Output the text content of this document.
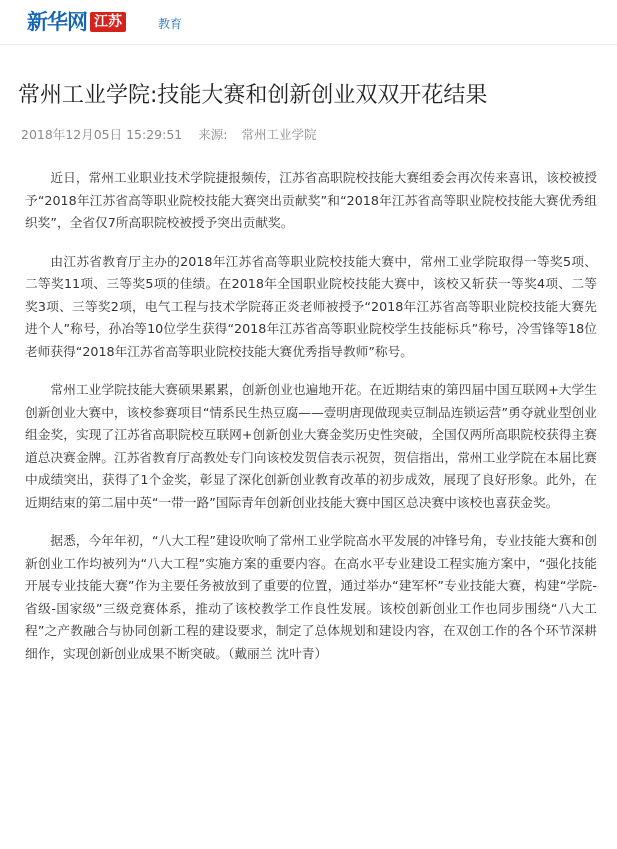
新华网 江苏	教育
常州工业学院:技能大赛和创新创业双双开花结果
2018年12月05日 15:29:51 来源: 常州工业学院

近日，常州工业职业技术学院捷报频传，江苏省高职院校技能大赛组委会再次传来喜讯，该校被授予“2018年江苏省高等职业院校技能大赛突出贡献奖”和“2018年江苏省高等职业院校技能大赛优秀组织奖”，全省仅7所高职院校被授予突出贡献奖。

由江苏省教育厅主办的2018年江苏省高等职业院校技能大赛中，常州工业学院取得一等奖5项、二等奖11项、三等奖5项的佳绩。在2018年全国职业院校技能大赛中，该校又斩获一等奖4项、二等奖3项、三等奖2项，电气工程与技术学院蒋正炎老师被授予“2018年江苏省高等职业院校技能大赛先进个人”称号，孙冶等10位学生获得“2018年江苏省高等职业院校学生技能标兵”称号，冷雪锋等18位老师获得“2018年江苏省高等职业院校技能大赛优秀指导教师”称号。

常州工业学院技能大赛硕果累累，创新创业也遍地开花。在近期结束的第四届中国互联网+大学生创新创业大赛中，该校参赛项目“情系民生热豆腐——壹明唐现做现卖豆制品连锁运营”勇夺就业型创业组金奖，实现了江苏省高职院校互联网+创新创业大赛金奖历史性突破，全国仅两所高职院校获得主赛道总决赛金牌。江苏省教育厅高教处专门向该校发贺信表示祝贺，贺信指出，常州工业学院在本届比赛中成绩突出，获得了1个金奖，彰显了深化创新创业教育改革的初步成效，展现了良好形象。此外，在近期结束的第二届中英“一带一路”国际青年创新创业技能大赛中国区总决赛中该校也喜获金奖。

据悉，今年年初，“八大工程”建设吹响了常州工业学院高水平发展的冲锋号角，专业技能大赛和创新创业工作均被列为“八大工程”实施方案的重要内容。在高水平专业建设工程实施方案中，“强化技能开展专业技能大赛”作为主要任务被放到了重要的位置，通过举办“建军杯”专业技能大赛，构建“学院-省级-国家级”三级竞赛体系，推动了该校教学工作良性发展。该校创新创业工作也同步围绕“八大工程”之产教融合与协同创新工程的建设要求，制定了总体规划和建设内容，在双创工作的各个环节深耕细作，实现创新创业成果不断突破。（戴丽兰 沈叶青）
